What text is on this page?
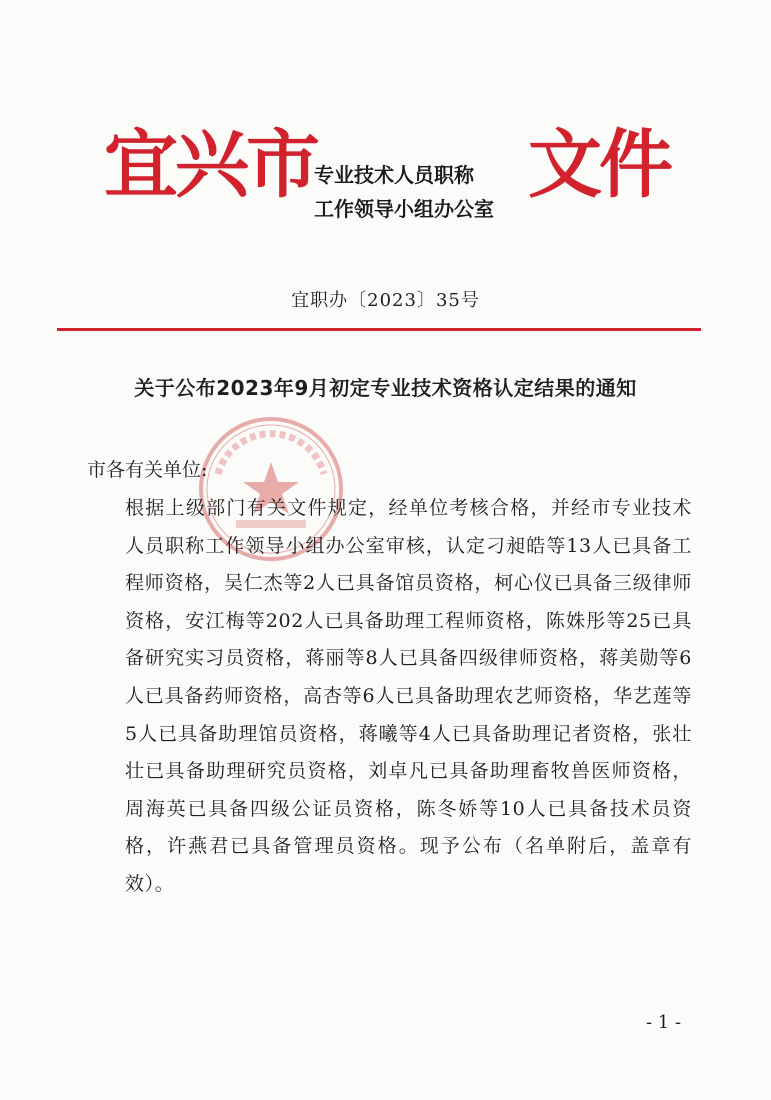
宜兴市
专业技术人员职称
工作领导小组办公室
文件
宜职办〔2023〕35号
关于公布2023年9月初定专业技术资格认定结果的通知
市各有关单位:

根据上级部门有关文件规定，经单位考核合格，并经市专业技术人员职称工作领导小组办公室审核，认定刁昶皓等13人已具备工程师资格，吴仁杰等2人已具备馆员资格，柯心仪已具备三级律师资格，安江梅等202人已具备助理工程师资格，陈姝彤等25已具备研究实习员资格，蒋丽等8人已具备四级律师资格，蒋美勋等6人已具备药师资格，高杏等6人已具备助理农艺师资格，华艺莲等5人已具备助理馆员资格，蒋曦等4人已具备助理记者资格，张壮壮已具备助理研究员资格，刘卓凡已具备助理畜牧兽医师资格，周海英已具备四级公证员资格，陈冬娇等10人已具备技术员资格，许燕君已具备管理员资格。现予公布（名单附后，盖章有效）。

- 1 -
